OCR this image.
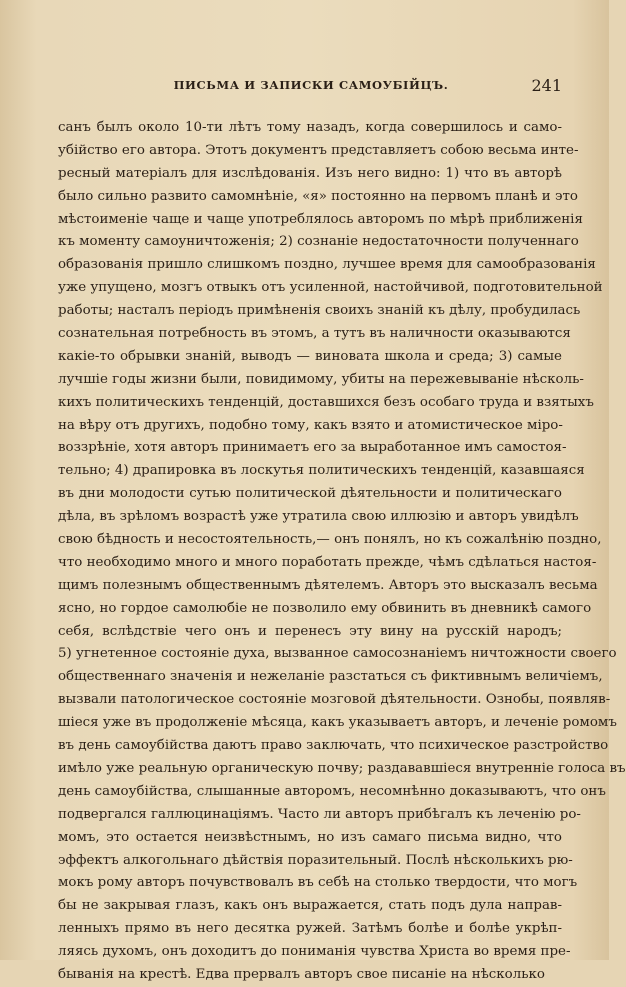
ПИСЬМА И ЗАПИСКИ САМОУБІЙЦЪ.	241
санъ былъ около 10-ти лѣтъ тому назадъ, когда совершилось и само-
убійство его автора. Этотъ документъ представляетъ собою весьма инте-
ресный матеріалъ для изслѣдованія. Изъ него видно: 1) что въ авторѣ
было сильно развито самомнѣніе, «я» постоянно на первомъ планѣ и это
мѣстоименіе чаще и чаще употреблялось авторомъ по мѣрѣ приближенія
къ моменту самоуничтоженія; 2) сознаніе недостаточности полученнаго
образованія пришло слишкомъ поздно, лучшее время для самообразованія
уже упущено, мозгъ отвыкъ отъ усиленной, настойчивой, подготовительной
работы; насталъ періодъ примѣненія своихъ знаній къ дѣлу, пробудилась
сознательная потребность въ этомъ, а тутъ въ наличности оказываются
какіе-то обрывки знаній, выводъ — виновата школа и среда; 3) самые
лучшіе годы жизни были, повидимому, убиты на пережевываніе нѣсколь-
кихъ политическихъ тенденцій, доставшихся безъ особаго труда и взятыхъ
на вѣру отъ другихъ, подобно тому, какъ взято и атомистическое міро-
воззрѣніе, хотя авторъ принимаетъ его за выработанное имъ самостоя-
тельно; 4) драпировка въ лоскутья политическихъ тенденцій, казавшаяся
въ дни молодости сутью политической дѣятельности и политическаго
дѣла, въ зрѣломъ возрастѣ уже утратила свою иллюзію и авторъ увидѣлъ
свою бѣдность и несостоятельность,— онъ понялъ, но къ сожалѣнію поздно,
что необходимо много и много поработать прежде, чѣмъ сдѣлаться настоя-
щимъ полезнымъ общественнымъ дѣятелемъ. Авторъ это высказалъ весьма
ясно, но гордое самолюбіе не позволило ему обвинить въ дневникѣ самого
себя, вслѣдствіе чего онъ и перенесъ эту вину на русскій народъ;
5) угнетенное состояніе духа, вызванное самосознаніемъ ничтожности своего
общественнаго значенія и нежеланіе разстаться съ фиктивнымъ величіемъ,
вызвали патологическое состояніе мозговой дѣятельности. Ознобы, появляв-
шіеся уже въ продолженіе мѣсяца, какъ указываетъ авторъ, и леченіе ромомъ
въ день самоубійства даютъ право заключать, что психическое разстройство
имѣло уже реальную органическую почву; раздававшіеся внутренніе голоса въ
день самоубійства, слышанные авторомъ, несомнѣнно доказываютъ, что онъ
подвергался галлюцинаціямъ. Часто ли авторъ прибѣгалъ къ леченію ро-
момъ, это остается неизвѣстнымъ, но изъ самаго письма видно, что
эффектъ алкогольнаго дѣйствія поразительный. Послѣ нѣсколькихъ рю-
мокъ рому авторъ почувствовалъ въ себѣ на столько твердости, что могъ
бы не закрывая глазъ, какъ онъ выражается, стать подъ дула направ-
ленныхъ прямо въ него десятка ружей. Затѣмъ болѣе и болѣе укрѣп-
ляясь духомъ, онъ доходитъ до пониманія чувства Христа во время пре-
быванія на крестѣ. Едва прервалъ авторъ свое писаніе на нѣсколько
